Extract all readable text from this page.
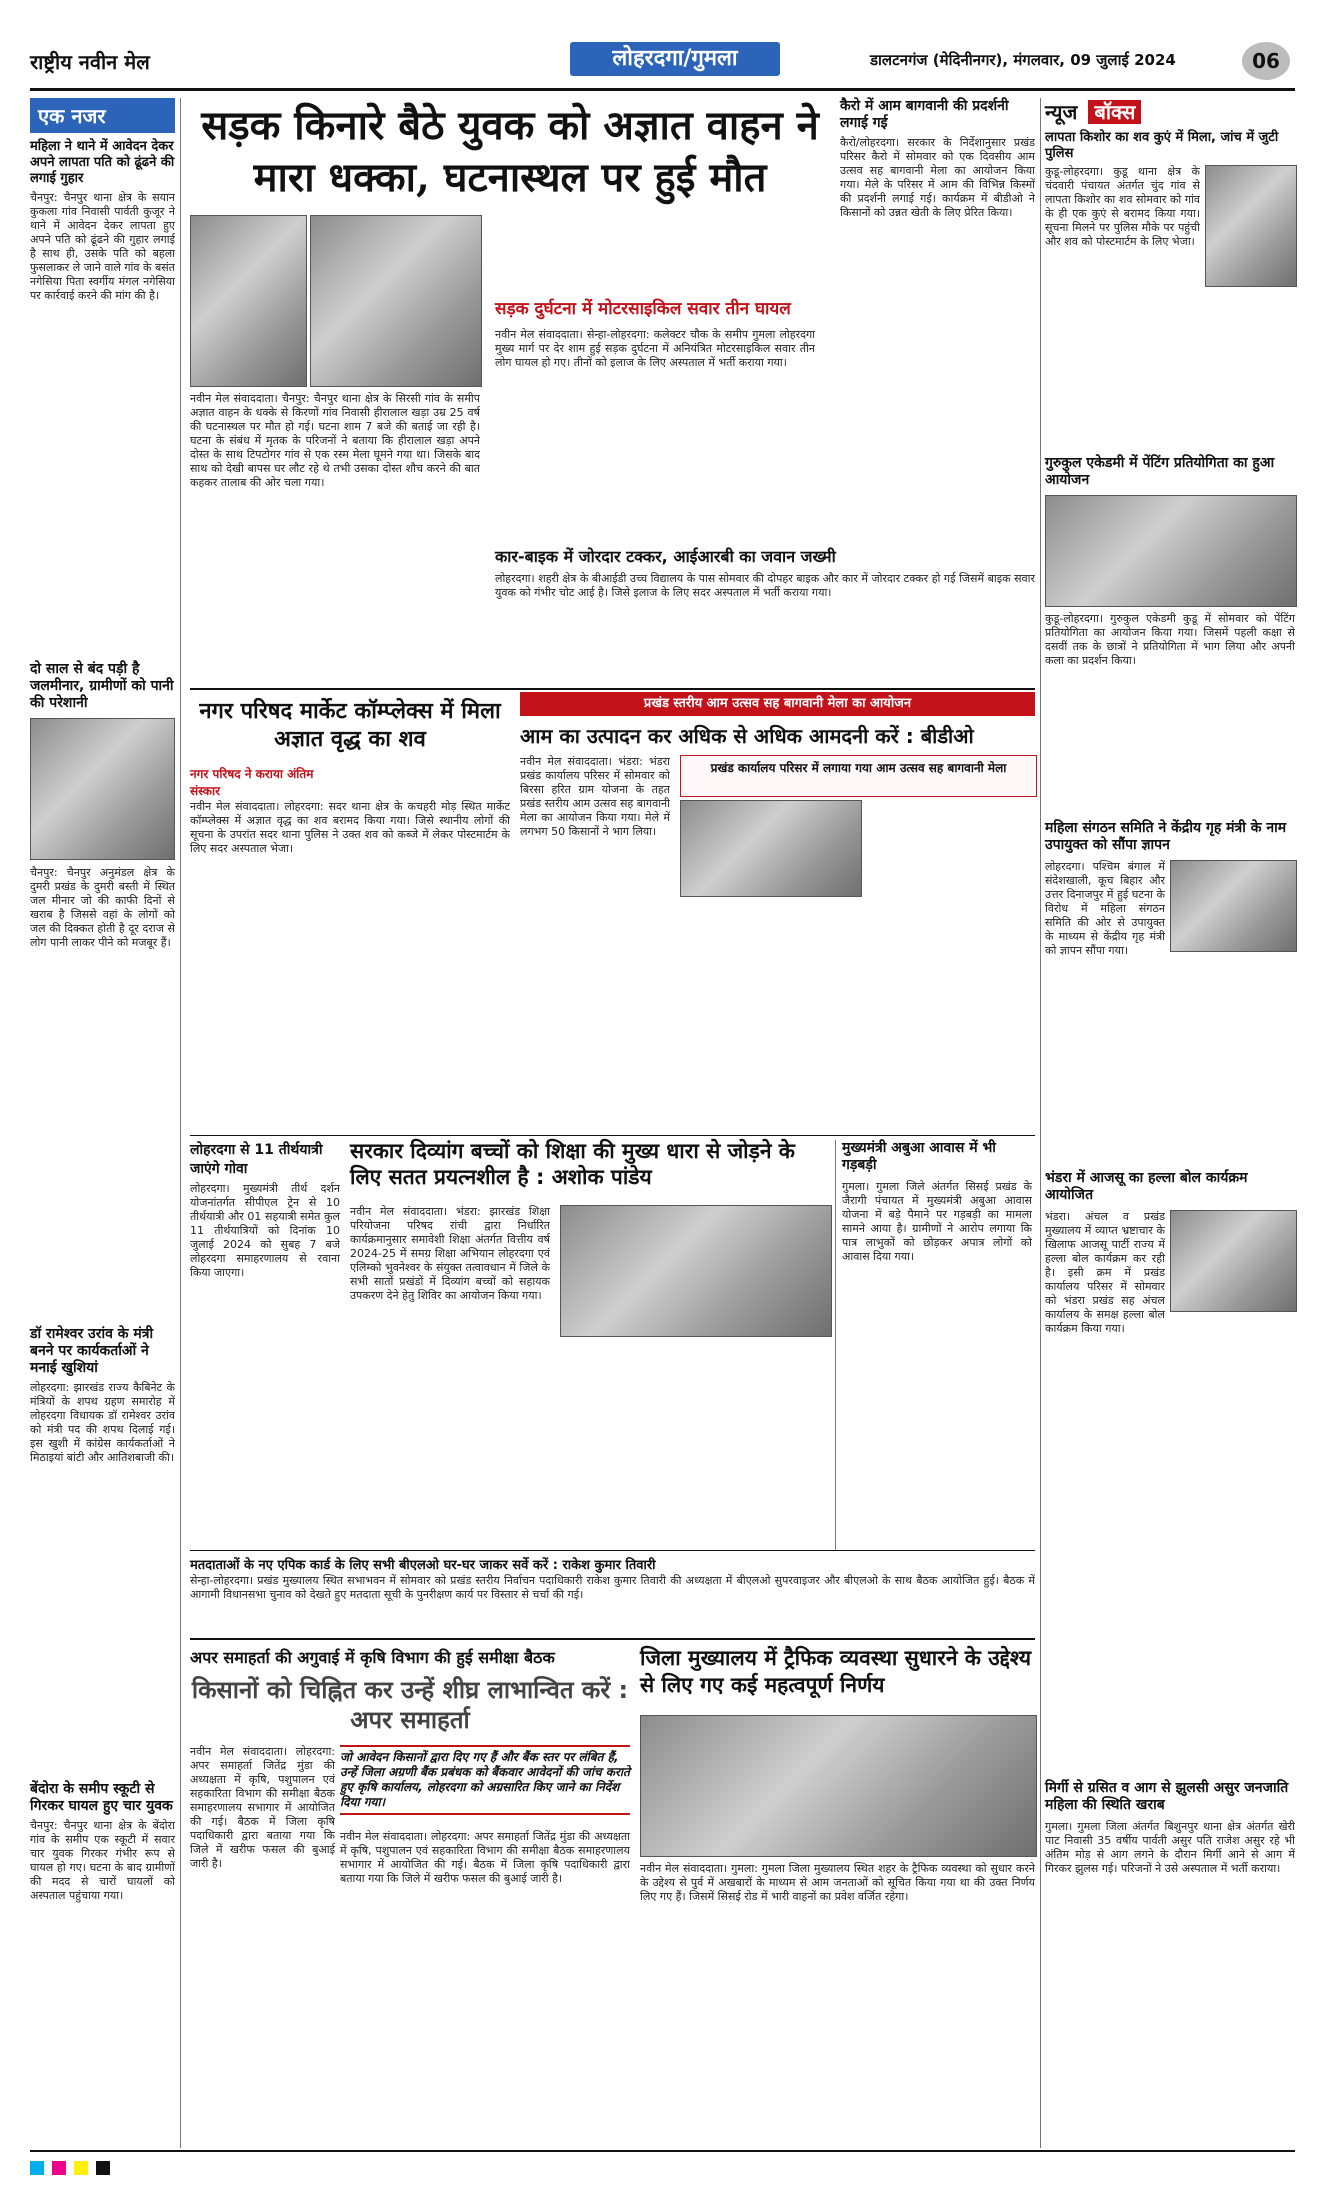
राष्ट्रीय नवीन मेल	लोहरदगा/गुमला	डालटनगंज (मेदिनीनगर), मंगलवार, 09 जुलाई 2024	06
एक नजर
महिला ने थाने में आवेदन देकर अपने लापता पति को ढूंढने की लगाई गुहार
चैनपुर: चैनपुर थाना क्षेत्र के सयान कुकला गांव निवासी पार्वती कुजूर ने थाने में आवेदन देकर लापता हुए अपने पति को ढूंढने की गुहार लगाई है साथ ही, उसके पति को बहला फुसलाकर ले जाने वाले गांव के बसंत नगेसिया पिता स्वर्गीय मंगल नगेसिया पर कार्रवाई करने की मांग की है।
दो साल से बंद पड़ी है जलमीनार, ग्रामीणों को पानी की परेशानी
चैनपुर: चैनपुर अनुमंडल क्षेत्र के दुमरी प्रखंड के दुमरी बस्ती में स्थित जल मीनार जो की काफी दिनों से खराब है जिससे वहां के लोगों को जल की दिक्कत होती है दूर दराज से लोग पानी लाकर पीने को मजबूर हैं।
डॉ रामेश्वर उरांव के मंत्री बनने पर कार्यकर्ताओं ने मनाई खुशियां
लोहरदगा: झारखंड राज्य कैबिनेट के मंत्रियों के शपथ ग्रहण समारोह में लोहरदगा विधायक डॉ रामेश्वर उरांव को मंत्री पद की शपथ दिलाई गई। इस खुशी में कांग्रेस कार्यकर्ताओं ने मिठाइयां बांटी और आतिशबाजी की।
बेंदोरा के समीप स्कूटी से गिरकर घायल हुए चार युवक
चैनपुर: चैनपुर थाना क्षेत्र के बेंदोरा गांव के समीप एक स्कूटी में सवार चार युवक गिरकर गंभीर रूप से घायल हो गए। घटना के बाद ग्रामीणों की मदद से चारों घायलों को अस्पताल पहुंचाया गया।
सड़क किनारे बैठे युवक को अज्ञात वाहन ने मारा धक्का, घटनास्थल पर हुई मौत
नवीन मेल संवाददाता। चैनपुर: चैनपुर थाना क्षेत्र के सिरसी गांव के समीप अज्ञात वाहन के धक्के से किरणों गांव निवासी हीरालाल खड़ा उम्र 25 वर्ष की घटनास्थल पर मौत हो गई। घटना शाम 7 बजे की बताई जा रही है। घटना के संबंध में मृतक के परिजनों ने बताया कि हीरालाल खड़ा अपने दोस्त के साथ टिपटोगर गांव से एक रस्म मेला घूमने गया था। जिसके बाद साथ को देखी बापस घर लौट रहे थे तभी उसका दोस्त शौच करने की बात कहकर तालाब की ओर चला गया।
सड़क दुर्घटना में मोटरसाइकिल सवार तीन घायल
नवीन मेल संवाददाता। सेन्हा-लोहरदगा: कलेक्टर चौक के समीप गुमला लोहरदगा मुख्य मार्ग पर देर शाम हुई सड़क दुर्घटना में अनियंत्रित मोटरसाइकिल सवार तीन लोग घायल हो गए। तीनों को इलाज के लिए अस्पताल में भर्ती कराया गया।
कार-बाइक में जोरदार टक्कर, आईआरबी का जवान जख्मी
लोहरदगा। शहरी क्षेत्र के बीआईडी उच्च विद्यालय के पास सोमवार की दोपहर बाइक और कार में जोरदार टक्कर हो गई जिसमें बाइक सवार युवक को गंभीर चोट आई है। जिसे इलाज के लिए सदर अस्पताल में भर्ती कराया गया।
नगर परिषद मार्केट कॉम्प्लेक्स में मिला अज्ञात वृद्ध का शव
नगर परिषद ने कराया अंतिम संस्कार
नवीन मेल संवाददाता। लोहरदगा: सदर थाना क्षेत्र के कचहरी मोड़ स्थित मार्केट कॉम्प्लेक्स में अज्ञात वृद्ध का शव बरामद किया गया। जिसे स्थानीय लोगों की सूचना के उपरांत सदर थाना पुलिस ने उक्त शव को कब्जे में लेकर पोस्टमार्टम के लिए सदर अस्पताल भेजा।
प्रखंड स्तरीय आम उत्सव सह बागवानी मेला का आयोजन
आम का उत्पादन कर अधिक से अधिक आमदनी करें : बीडीओ
नवीन मेल संवाददाता। भंडरा: भंडरा प्रखंड कार्यालय परिसर में सोमवार को बिरसा हरित ग्राम योजना के तहत प्रखंड स्तरीय आम उत्सव सह बागवानी मेला का आयोजन किया गया। मेले में लगभग 50 किसानों ने भाग लिया।
प्रखंड कार्यालय परिसर में लगाया गया आम उत्सव सह बागवानी मेला
लोहरदगा से 11 तीर्थयात्री जाएंगे गोवा
लोहरदगा। मुख्यमंत्री तीर्थ दर्शन योजनांतर्गत सीपीएल ट्रेन से 10 तीर्थयात्री और 01 सहयात्री समेत कुल 11 तीर्थयात्रियों को दिनांक 10 जुलाई 2024 को सुबह 7 बजे लोहरदगा समाहरणालय से रवाना किया जाएगा।
सरकार दिव्यांग बच्चों को शिक्षा की मुख्य धारा से जोड़ने के लिए सतत प्रयत्नशील है : अशोक पांडेय
नवीन मेल संवाददाता। भंडरा: झारखंड शिक्षा परियोजना परिषद रांची द्वारा निर्धारित कार्यक्रमानुसार समावेशी शिक्षा अंतर्गत वित्तीय वर्ष 2024-25 में समग्र शिक्षा अभियान लोहरदगा एवं एलिम्को भुवनेश्वर के संयुक्त तत्वावधान में जिले के सभी सातों प्रखंडों में दिव्यांग बच्चों को सहायक उपकरण देने हेतु शिविर का आयोजन किया गया।
मुख्यमंत्री अबुआ आवास में भी गड़बड़ी
गुमला। गुमला जिले अंतर्गत सिसई प्रखंड के जैरागी पंचायत में मुख्यमंत्री अबुआ आवास योजना में बड़े पैमाने पर गड़बड़ी का मामला सामने आया है। ग्रामीणों ने आरोप लगाया कि पात्र लाभुकों को छोड़कर अपात्र लोगों को आवास दिया गया।
मतदाताओं के नए एपिक कार्ड के लिए सभी बीएलओ घर-घर जाकर सर्वे करें : राकेश कुमार तिवारी
सेन्हा-लोहरदगा। प्रखंड मुख्यालय स्थित सभाभवन में सोमवार को प्रखंड स्तरीय निर्वाचन पदाधिकारी राकेश कुमार तिवारी की अध्यक्षता में बीएलओ सुपरवाइजर और बीएलओ के साथ बैठक आयोजित हुई। बैठक में आगामी विधानसभा चुनाव को देखते हुए मतदाता सूची के पुनरीक्षण कार्य पर विस्तार से चर्चा की गई।
अपर समाहर्ता की अगुवाई में कृषि विभाग की हुई समीक्षा बैठक
किसानों को चिह्नित कर उन्हें शीघ्र लाभान्वित करें : अपर समाहर्ता
जो आवेदन किसानों द्वारा दिए गए हैं और बैंक स्तर पर लंबित हैं, उन्हें जिला अग्रणी बैंक प्रबंधक को बैंकवार आवेदनों की जांच कराते हुए कृषि कार्यालय, लोहरदगा को अग्रसारित किए जाने का निर्देश दिया गया।
नवीन मेल संवाददाता। लोहरदगा: अपर समाहर्ता जितेंद्र मुंडा की अध्यक्षता में कृषि, पशुपालन एवं सहकारिता विभाग की समीक्षा बैठक समाहरणालय सभागार में आयोजित की गई। बैठक में जिला कृषि पदाधिकारी द्वारा बताया गया कि जिले में खरीफ फसल की बुआई जारी है।
नवीन मेल संवाददाता। लोहरदगा: अपर समाहर्ता जितेंद्र मुंडा की अध्यक्षता में कृषि, पशुपालन एवं सहकारिता विभाग की समीक्षा बैठक समाहरणालय सभागार में आयोजित की गई। बैठक में जिला कृषि पदाधिकारी द्वारा बताया गया कि जिले में खरीफ फसल की बुआई जारी है।
जिला मुख्यालय में ट्रैफिक व्यवस्था सुधारने के उद्देश्य से लिए गए कई महत्वपूर्ण निर्णय
नवीन मेल संवाददाता। गुमला: गुमला जिला मुख्यालय स्थित शहर के ट्रैफिक व्यवस्था को सुधार करने के उद्देश्य से पुर्व में अखबारों के माध्यम से आम जनताओं को सूचित किया गया था की उक्त निर्णय लिए गए हैं। जिसमें सिसई रोड में भारी वाहनों का प्रवेश वर्जित रहेगा।
कैरो में आम बागवानी की प्रदर्शनी लगाई गई
कैरो/लोहरदगा। सरकार के निर्देशानुसार प्रखंड परिसर कैरो में सोमवार को एक दिवसीय आम उत्सव सह बागवानी मेला का आयोजन किया गया। मेले के परिसर में आम की विभिन्न किस्मों की प्रदर्शनी लगाई गई। कार्यक्रम में बीडीओ ने किसानों को उन्नत खेती के लिए प्रेरित किया।
न्यूज बॉक्स
लापता किशोर का शव कुएं में मिला, जांच में जुटी पुलिस
कुडू-लोहरदगा। कुडू थाना क्षेत्र के चंदवारी पंचायत अंतर्गत चुंद गांव से लापता किशोर का शव सोमवार को गांव के ही एक कुएं से बरामद किया गया। सूचना मिलने पर पुलिस मौके पर पहुंची और शव को पोस्टमार्टम के लिए भेजा।
गुरुकुल एकेडमी में पेंटिंग प्रतियोगिता का हुआ आयोजन
कुडू-लोहरदगा। गुरुकुल एकेडमी कुडू में सोमवार को पेंटिंग प्रतियोगिता का आयोजन किया गया। जिसमें पहली कक्षा से दसवीं तक के छात्रों ने प्रतियोगिता में भाग लिया और अपनी कला का प्रदर्शन किया।
महिला संगठन समिति ने केंद्रीय गृह मंत्री के नाम उपायुक्त को सौंपा ज्ञापन
लोहरदगा। पश्चिम बंगाल में संदेशखाली, कूच बिहार और उत्तर दिनाजपुर में हुई घटना के विरोध में महिला संगठन समिति की ओर से उपायुक्त के माध्यम से केंद्रीय गृह मंत्री को ज्ञापन सौंपा गया।
भंडरा में आजसू का हल्ला बोल कार्यक्रम आयोजित
भंडरा। अंचल व प्रखंड मुख्यालय में व्याप्त भ्रष्टाचार के खिलाफ आजसू पार्टी राज्य में हल्ला बोल कार्यक्रम कर रही है। इसी क्रम में प्रखंड कार्यालय परिसर में सोमवार को भंडरा प्रखंड सह अंचल कार्यालय के समक्ष हल्ला बोल कार्यक्रम किया गया।
मिर्गी से ग्रसित व आग से झुलसी असुर जनजाति महिला की स्थिति खराब
गुमला। गुमला जिला अंतर्गत बिशुनपुर थाना क्षेत्र अंतर्गत खेरी पाट निवासी 35 वर्षीय पार्वती असुर पति राजेश असुर रहे भी अंतिम मोड़ से आग लगने के दौरान मिर्गी आने से आग में गिरकर झुलस गई। परिजनों ने उसे अस्पताल में भर्ती कराया।
